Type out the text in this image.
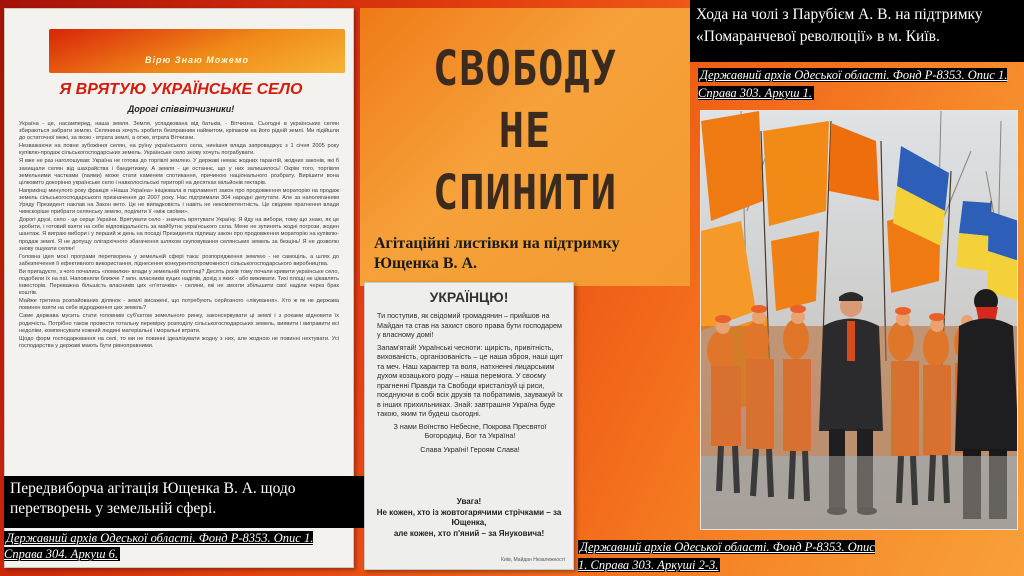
Вірю Знаю Можемо
Я ВРЯТУЮ УКРАЇНСЬКЕ СЕЛО
Дорогі співвітчизники!

Україна - це, насамперед, наша земля. Земля, успадкована від батьків, - Вітчизна. Сьогодні в українських селян збираються забрати землю. Селянина хочуть зробити безправним наймитом, кріпаком на його рідній землі. Ми підійшли до остаточної межі, за якою - втрата землі, а отже, втрата Вітчизни.

Незважаючи на повне зубожіння селян, на руїну українського села, нинішня влада запроваджує з 1 січня 2005 року купівлю-продаж сільськогосподарських земель. Українське село знову хочуть пограбувати.

Я вже не раз наголошував: Україна не готова до торгівлі землею. У державі немає жодних гарантій, жодних законів, які б захищали селян від шахрайства і бандитизму. А земля - це останнє, що у них залишилось! Окрім того, торгівля земельними частками (паями) може стати каменем спотикання, причиною національного розбрату. Вирішити вона цілковито докорінно українське село і навколосільські території на десятках мільйонів гектарів.

Наприкінці минулого року фракція «Наша Україна» ініціювала в парламенті закон про продовження мораторію на продаж земель сільськогосподарського призначення до 2007 року. Нас підтримали 304 народні депутати. Але за наполяганням Уряду Президент наклав на Закон вето. Це не випадковість і навіть не некомпетентність. Це свідоме прагнення влади чимскоріше прибрати селянську землю, поділити її «між своїми».

Дорогі друзі, село - це серце України. Врятувати село - значить врятувати Україну. Я йду на вибори, тому що знаю, як це зробити, і готовий взяти на себе відповідальність за майбутнє українського села. Мене не зупинять жодні погрози, жоден шантаж. Я виграю вибори і у перший ж день на посаді Президента підпишу закон про продовження мораторію на купівлю-продаж землі. Я не допущу олігархічного збагачення шляхом скуповування селянських земель за безцінь! Я не дозволю знову ошукати селян!

Головна ідея моєї програми перетворень у земельній сфері така: розпорядження землею - не самоціль, а шлях до забезпечення її ефективного використання, піднесення конкурентоспроможності сільськогосподарського виробництва.

Ви пригадуєте, з чого почались «помилки» влади у земельній політиці? Десять років тому почали кривити українське село, подобили їх на паї. Наповняли ближче 7 млн. власників куцих наділів, дохід з яких - або виживати. Тихі площі не цікавлять інвесторів. Переважна більшість власників цих «п'ятачків» - селяни, які не змогли збільшити свої наділи через брак коштів.

Майже третина розпайованих ділянок - землі висажені, що потребують серйозного «лікування». Хто ж як не держава повинен взяти на себе відродження цих земель?

Саме держава мусить стати головним суб'єктом земельного ринку, законсервувати ці землі і з роками відновити їх родючість. Потрібно також провести тотальну перевірку розподілу сільськогосподарських земель, виявити і виправити всі недоліки, компенсувати кожний людині матеріальні і моральні втрати.

Щодо форм господарювання на селі, то ми не повинні ідеалізувати жодну з них, але жодною не повинні нехтувати. Усі господарства у державі мають бути рівноправними.

Передвиборча агітація Ющенка В. А. щодо перетворень у земельній сфері.
Державний архів Одеської області. Фонд Р-8353. Опис 1. Справа 304. Аркуш 6.
СВОБОДУ
НЕ
СПИНИТИ
Агітаційні листівки на підтримку Ющенка В. А.
УКРАЇНЦЮ!

Ти поступив, як свідомий громадянин – прийшов на Майдан та став на захист свого права бути господарем у власному домі!

Запам'ятай! Українські чесноти: щирість, привітність, вихованість, організованість – це наша зброя, наші щит та меч. Наш характер та воля, натхненні лицарським духом козацького роду – наша перемога. У своєму прагненні Правди та Свободи кристалізуй ці риси, поєднуючи в собі всіх друзів та побратимів, зауважуй їх в інших прихильниках. Знай: завтрашня Україна буде такою, яким ти будеш сьогодні.

З нами Воїнство Небесне, Покрова Пресвятої Богородиці, Бог та Україна!

Слава Україні! Героям Слава!

Увага!
Не кожен, хто із жовтогарячими стрічками – за Ющенка,
але кожен, хто п'яний – за Януковича!
Київ, Майдан Незалежності
Державний архів Одеської області. Фонд Р-8353. Опис 1. Справа 303. Аркуші 2-3.
Хода на чолі з Парубієм А. В. на підтримку «Помаранчевої революції» в м. Київ.
Державний архів Одеської області. Фонд Р-8353. Опис 1. Справа 303. Аркуш 1.
